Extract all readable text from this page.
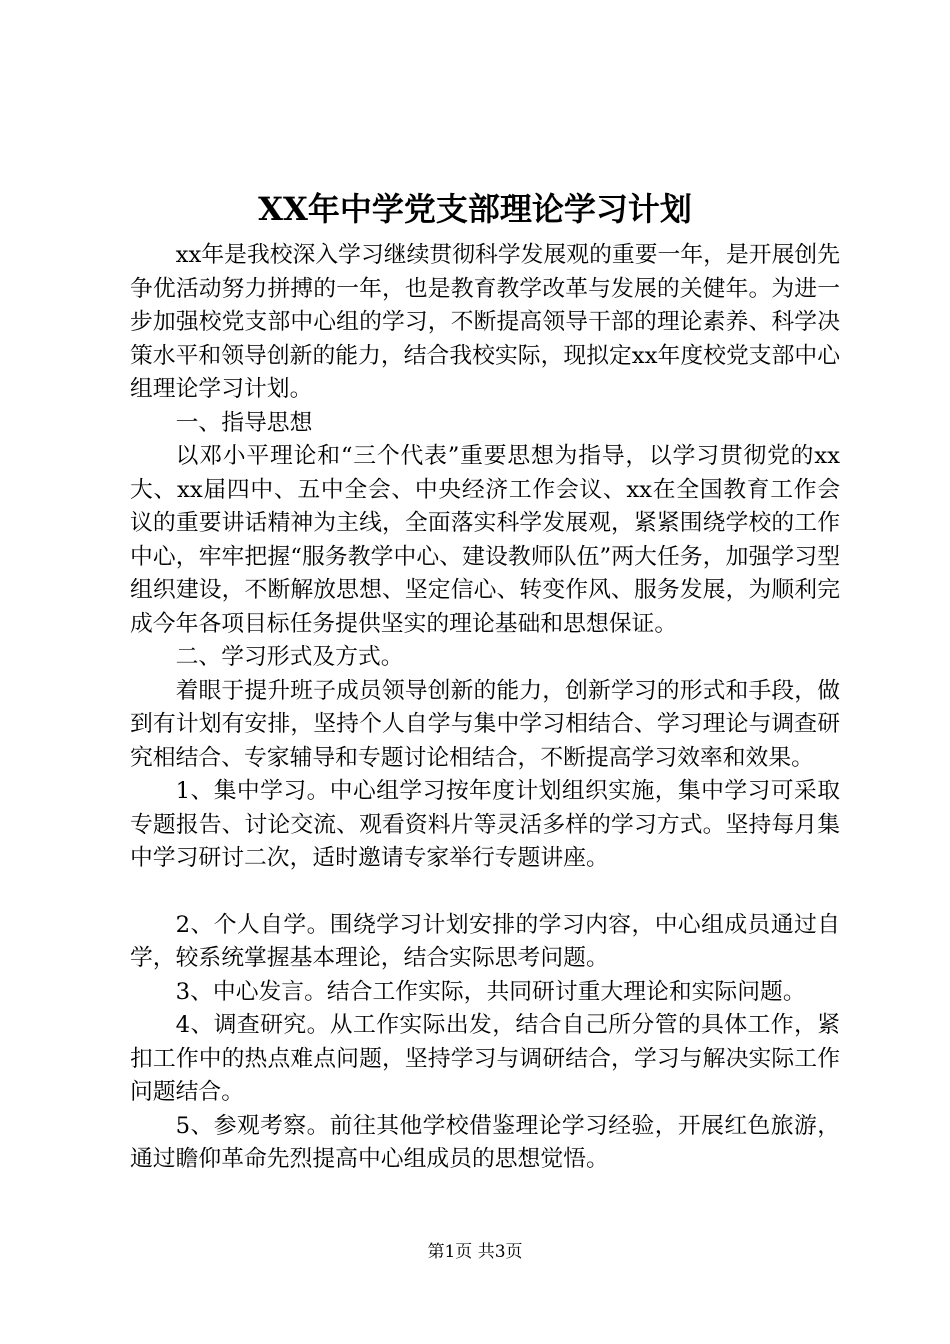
XX年中学党支部理论学习计划

xx年是我校深入学习继续贯彻科学发展观的重要一年，是开展创先争优活动努力拼搏的一年，也是教育教学改革与发展的关健年。为进一步加强校党支部中心组的学习，不断提高领导干部的理论素养、科学决策水平和领导创新的能力，结合我校实际，现拟定xx年度校党支部中心组理论学习计划。

一、指导思想

以邓小平理论和“三个代表”重要思想为指导，以学习贯彻党的xx大、xx届四中、五中全会、中央经济工作会议、xx在全国教育工作会议的重要讲话精神为主线，全面落实科学发展观，紧紧围绕学校的工作中心，牢牢把握“服务教学中心、建设教师队伍”两大任务，加强学习型组织建设，不断解放思想、坚定信心、转变作风、服务发展，为顺利完成今年各项目标任务提供坚实的理论基础和思想保证。

二、学习形式及方式。

着眼于提升班子成员领导创新的能力，创新学习的形式和手段，做到有计划有安排，坚持个人自学与集中学习相结合、学习理论与调查研究相结合、专家辅导和专题讨论相结合，不断提高学习效率和效果。

1、集中学习。中心组学习按年度计划组织实施，集中学习可采取专题报告、讨论交流、观看资料片等灵活多样的学习方式。坚持每月集中学习研讨二次，适时邀请专家举行专题讲座。

2、个人自学。围绕学习计划安排的学习内容，中心组成员通过自学，较系统掌握基本理论，结合实际思考问题。

3、中心发言。结合工作实际，共同研讨重大理论和实际问题。

4、调查研究。从工作实际出发，结合自己所分管的具体工作，紧扣工作中的热点难点问题，坚持学习与调研结合，学习与解决实际工作问题结合。

5、参观考察。前往其他学校借鉴理论学习经验，开展红色旅游，通过瞻仰革命先烈提高中心组成员的思想觉悟。

第1页 共3页
